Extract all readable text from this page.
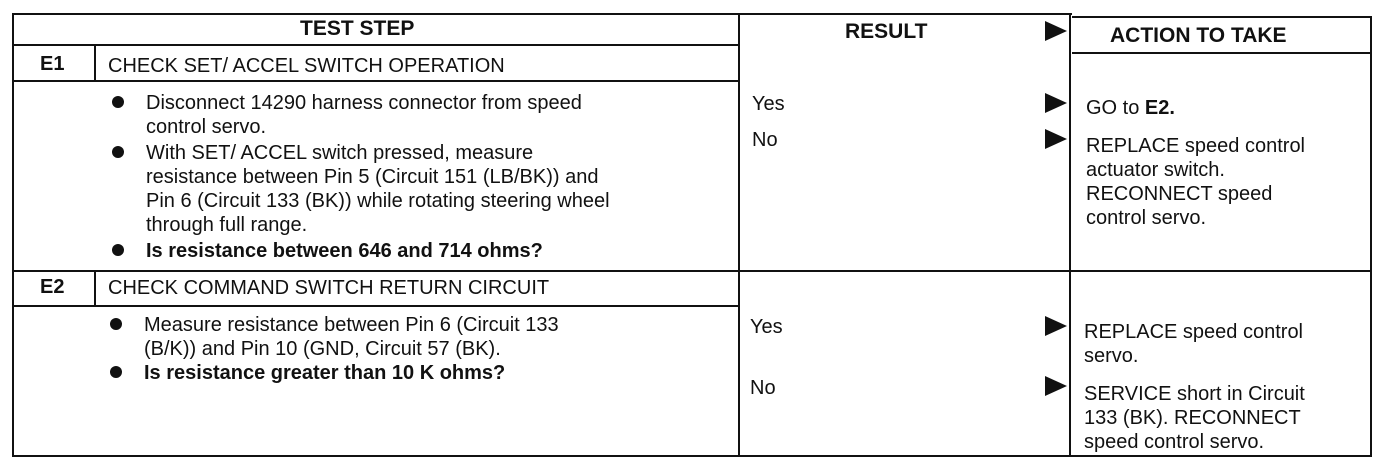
TEST STEP	RESULT	ACTION TO TAKE
E1 CHECK SET/ ACCEL SWITCH OPERATION
Disconnect 14290 harness connector from speed
control servo.
With SET/ ACCEL switch pressed, measure
resistance between Pin 5 (Circuit 151 (LB/BK)) and
Pin 6 (Circuit 133 (BK)) while rotating steering wheel
through full range.
Is resistance between 646 and 714 ohms?
Yes
No
GO to E2.
REPLACE speed control
actuator switch.
RECONNECT speed
control servo.
E2 CHECK COMMAND SWITCH RETURN CIRCUIT
Measure resistance between Pin 6 (Circuit 133
(B/K)) and Pin 10 (GND, Circuit 57 (BK).
Is resistance greater than 10 K ohms?
Yes
No
REPLACE speed control
servo.
SERVICE short in Circuit
133 (BK). RECONNECT
speed control servo.
